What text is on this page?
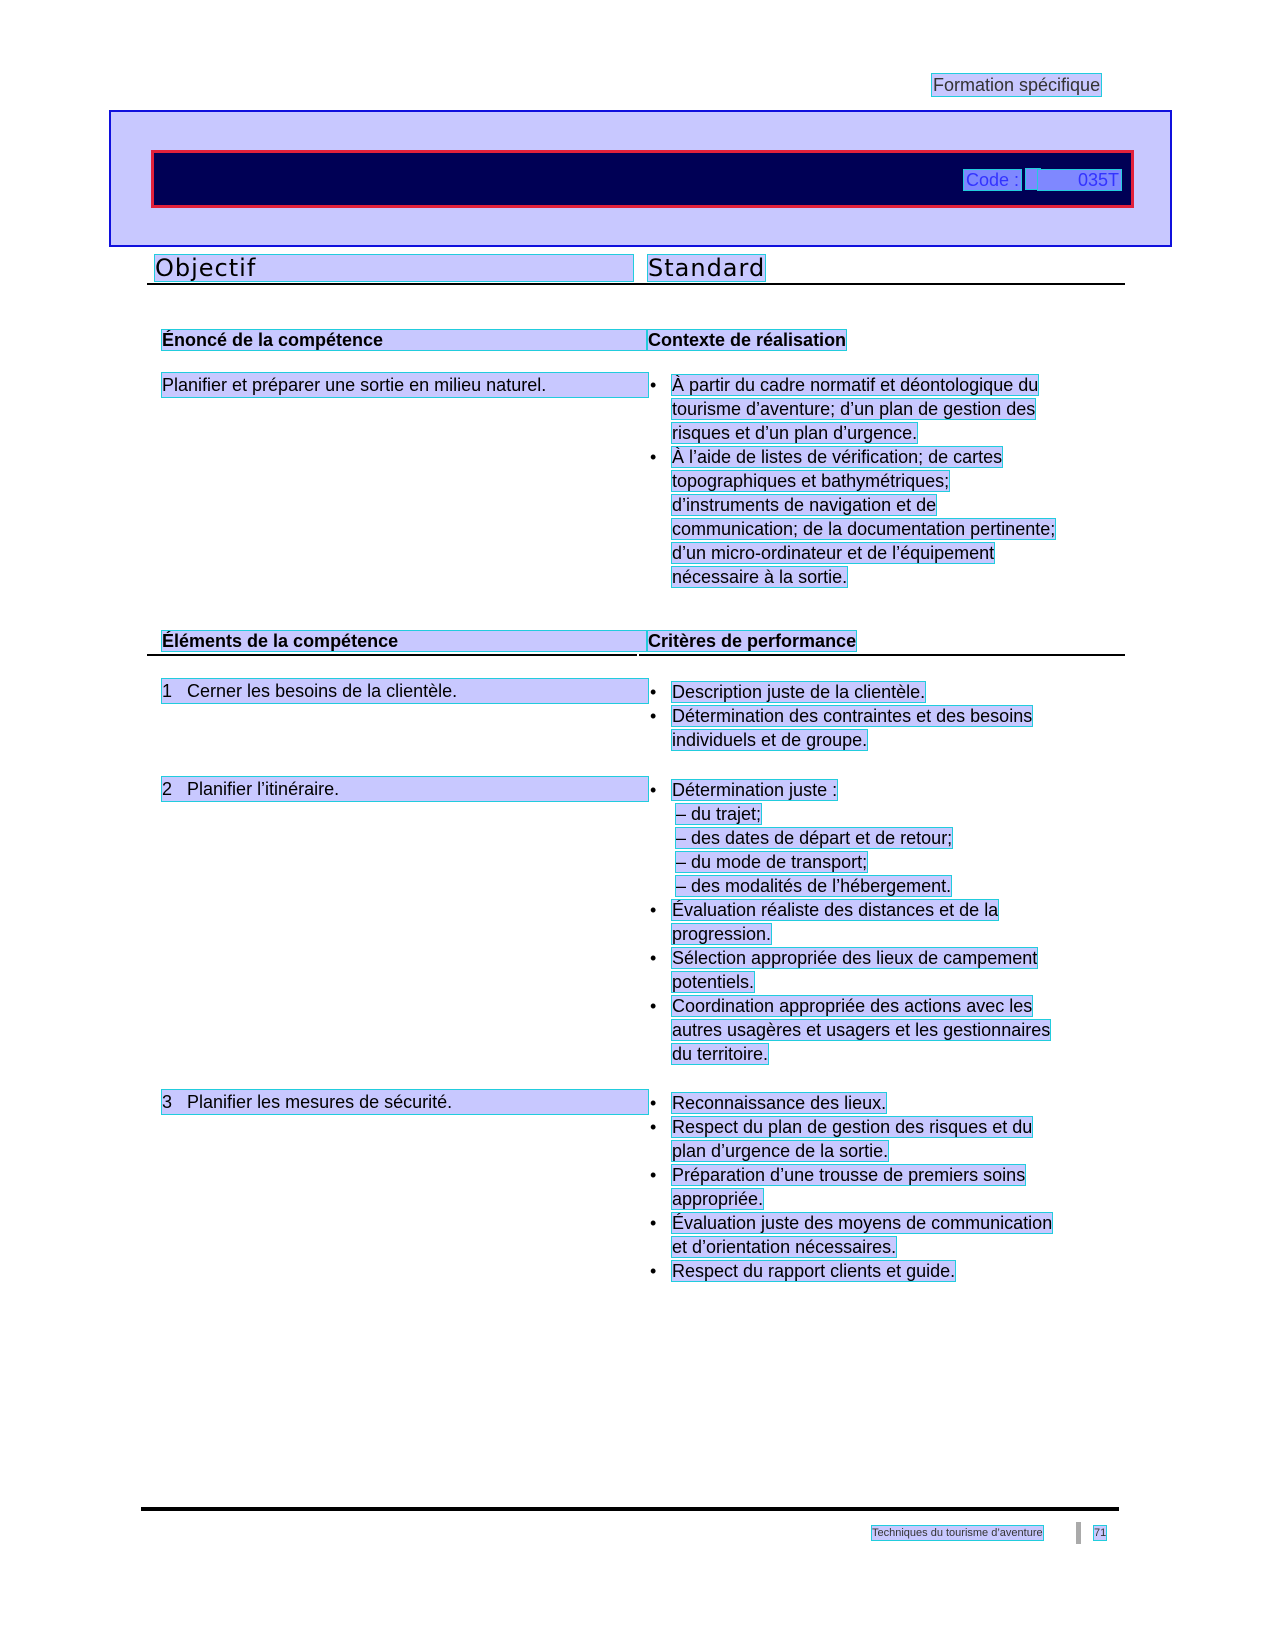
Formation spécifique
Code :	035T
Objectif	Standard
Énoncé de la compétence	Contexte de réalisation
Planifier et préparer une sortie en milieu naturel.	• À partir du cadre normatif et déontologique du
tourisme d’aventure; d’un plan de gestion des
risques et d’un plan d’urgence.
• À l’aide de listes de vérification; de cartes
topographiques et bathymétriques;
d’instruments de navigation et de
communication; de la documentation pertinente;
d’un micro-ordinateur et de l’équipement
nécessaire à la sortie.
Éléments de la compétence	Critères de performance
1 Cerner les besoins de la clientèle.	• Description juste de la clientèle.
• Détermination des contraintes et des besoins
individuels et de groupe.
2 Planifier l’itinéraire.	• Détermination juste :
– du trajet;
– des dates de départ et de retour;
– du mode de transport;
– des modalités de l’hébergement.
• Évaluation réaliste des distances et de la
progression.
• Sélection appropriée des lieux de campement
potentiels.
• Coordination appropriée des actions avec les
autres usagères et usagers et les gestionnaires
du territoire.
3 Planifier les mesures de sécurité.	• Reconnaissance des lieux.
• Respect du plan de gestion des risques et du
plan d’urgence de la sortie.
• Préparation d’une trousse de premiers soins
appropriée.
• Évaluation juste des moyens de communication
et d’orientation nécessaires.
• Respect du rapport clients et guide.
Techniques du tourisme d’aventure	71
